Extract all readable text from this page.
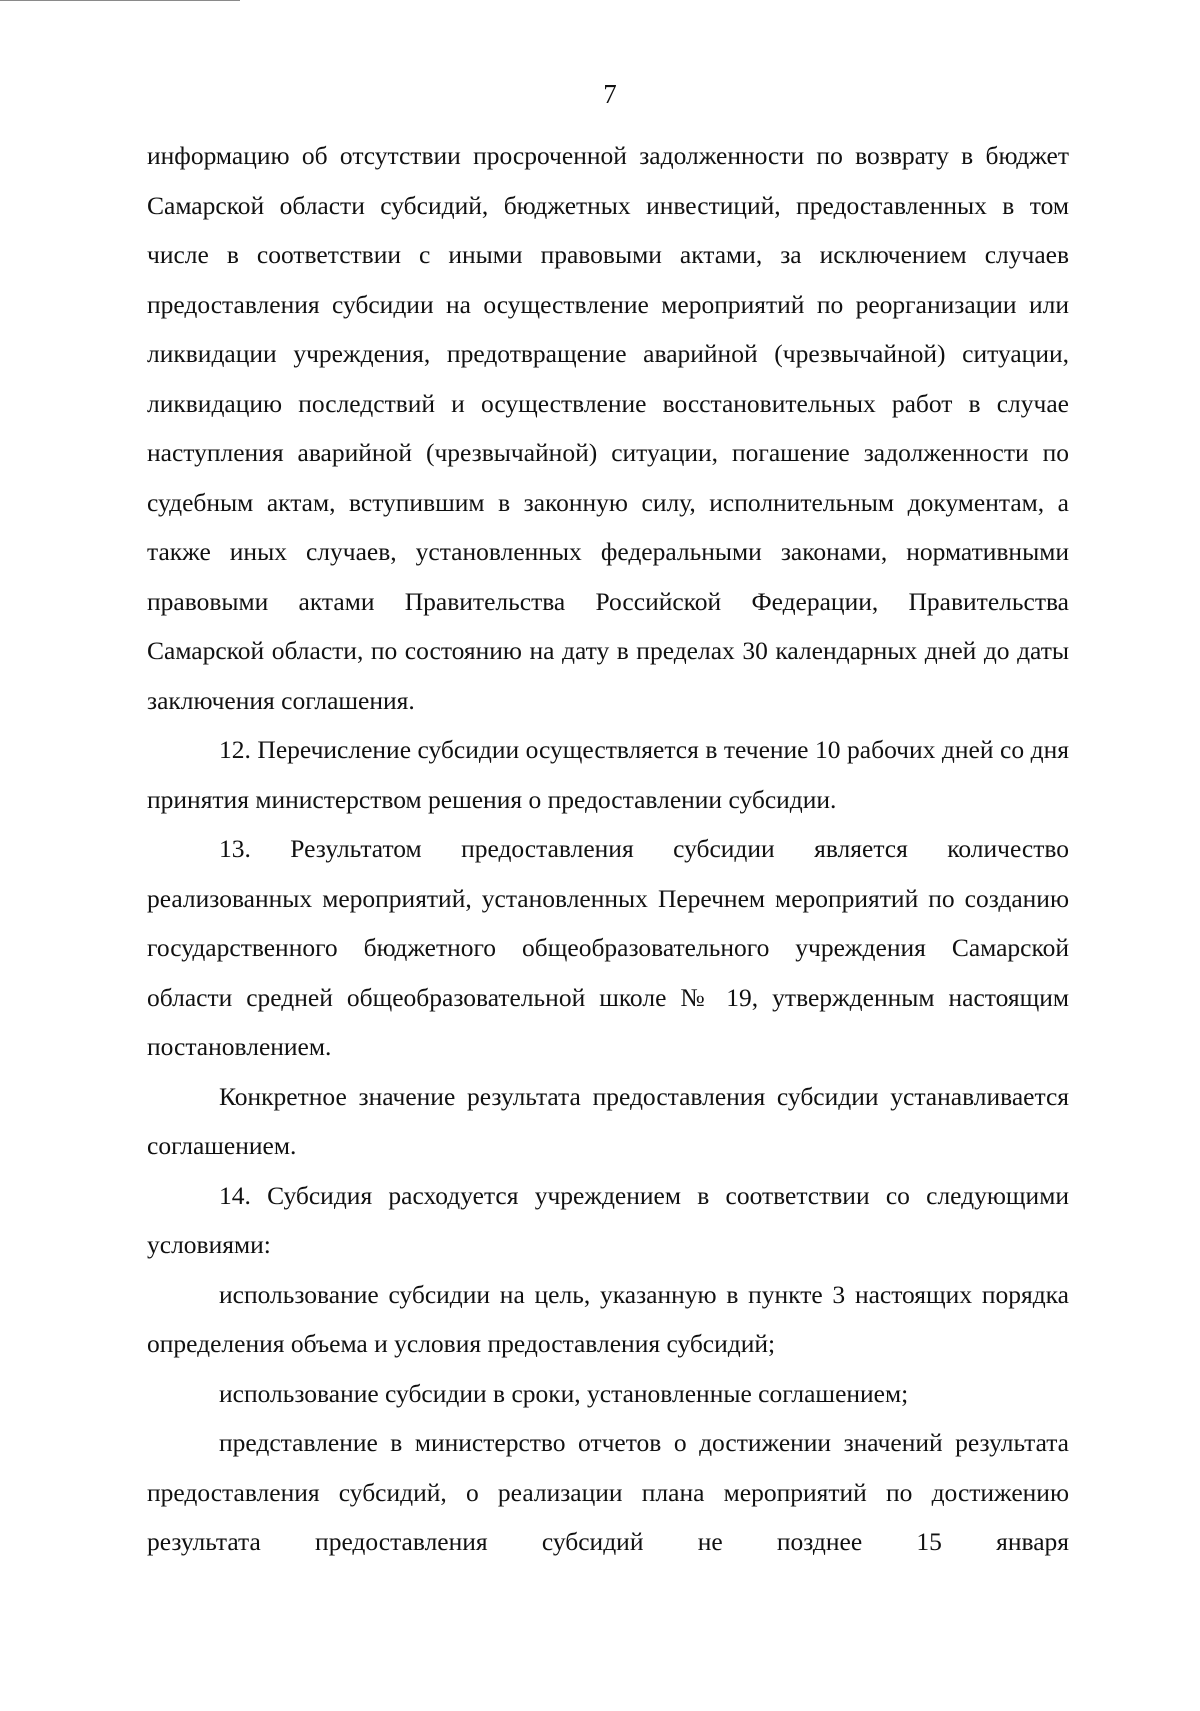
7

информацию об отсутствии просроченной задолженности по возврату в бюджет Самарской области субсидий, бюджетных инвестиций, предоставленных в том числе в соответствии с иными правовыми актами, за исключением случаев предоставления субсидии на осуществление мероприятий по реорганизации или ликвидации учреждения, предотвращение аварийной (чрезвычайной) ситуации, ликвидацию последствий и осуществление восстановительных работ в случае наступления аварийной (чрезвычайной) ситуации, погашение задолженности по судебным актам, вступившим в законную силу, исполнительным документам, а также иных случаев, установленных федеральными законами, нормативными правовыми актами Правительства Российской Федерации, Правительства Самарской области, по состоянию на дату в пределах 30 календарных дней до даты заключения соглашения.

12. Перечисление субсидии осуществляется в течение 10 рабочих дней со дня принятия министерством решения о предоставлении субсидии.

13. Результатом предоставления субсидии является количество реализованных мероприятий, установленных Перечнем мероприятий по созданию государственного бюджетного общеобразовательного учреждения Самарской области средней общеобразовательной школе № 19, утвержденным настоящим постановлением.

Конкретное значение результата предоставления субсидии устанавливается соглашением.

14. Субсидия расходуется учреждением в соответствии со следующими условиями:

использование субсидии на цель, указанную в пункте 3 настоящих порядка определения объема и условия предоставления субсидий;

использование субсидии в сроки, установленные соглашением;

представление в министерство отчетов о достижении значений результата предоставления субсидий, о реализации плана мероприятий по достижению результата предоставления субсидий не позднее 15 января
